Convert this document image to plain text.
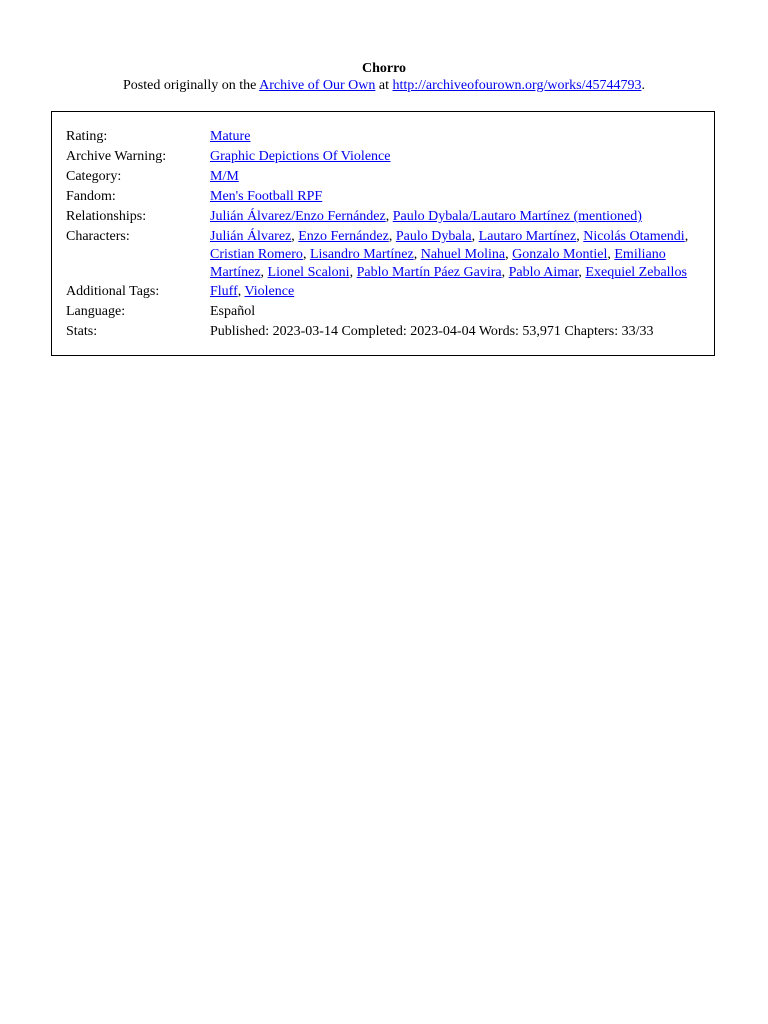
Chorro
Posted originally on the Archive of Our Own at http://archiveofourown.org/works/45744793.
Rating:	Mature
Archive Warning:	Graphic Depictions Of Violence
Category:	M/M
Fandom:	Men's Football RPF
Relationships:	Julián Álvarez/Enzo Fernández, Paulo Dybala/Lautaro Martínez (mentioned)
Characters:	Julián Álvarez, Enzo Fernández, Paulo Dybala, Lautaro Martínez, Nicolás Otamendi, Cristian Romero, Lisandro Martínez, Nahuel Molina, Gonzalo Montiel, Emiliano Martínez, Lionel Scaloni, Pablo Martín Páez Gavira, Pablo Aimar, Exequiel Zeballos
Additional Tags:	Fluff, Violence
Language:	Español
Stats:	Published: 2023-03-14 Completed: 2023-04-04 Words: 53,971 Chapters: 33/33
